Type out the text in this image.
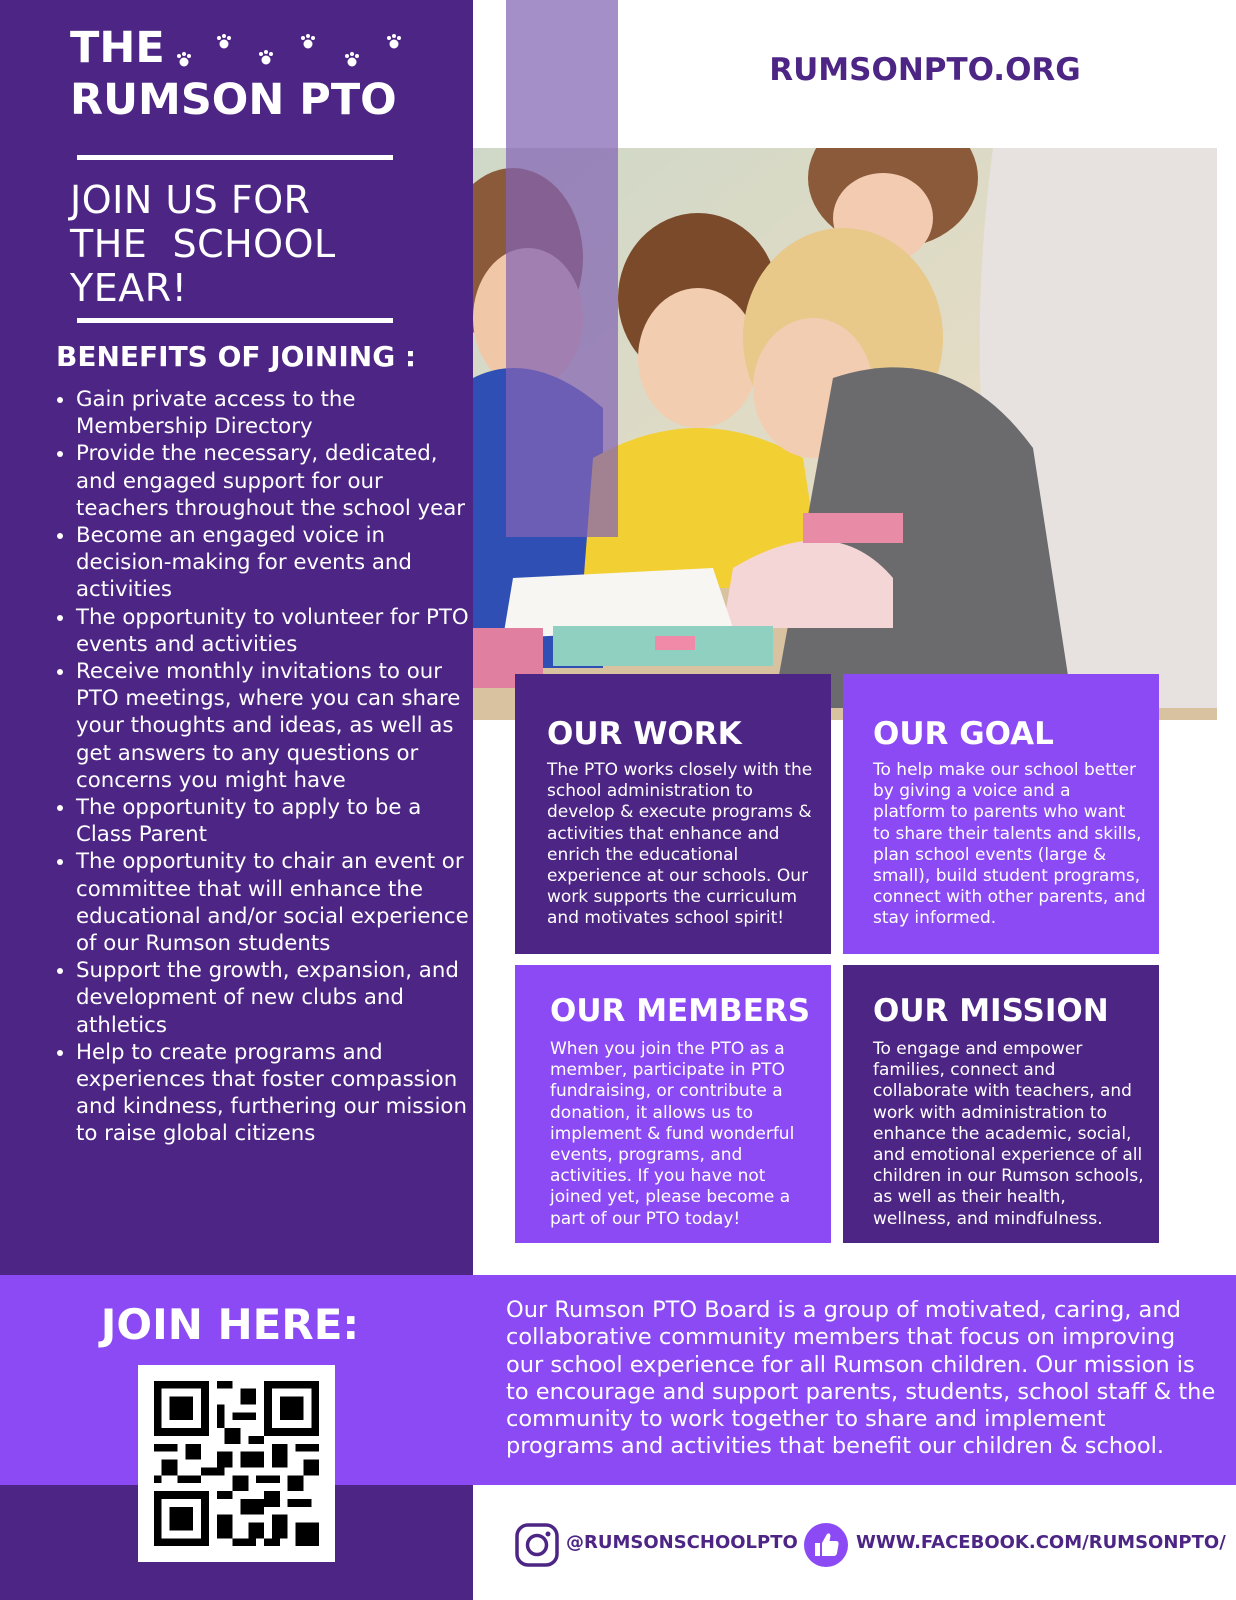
THE
RUMSON PTO
JOIN US FOR
THE  SCHOOL
YEAR!
BENEFITS OF JOINING :
• Gain private access to the Membership Directory
• Provide the necessary, dedicated, and engaged support for our teachers throughout the school year
• Become an engaged voice in decision-making for events and activities
• The opportunity to volunteer for PTO events and activities
• Receive monthly invitations to our PTO meetings, where you can share your thoughts and ideas, as well as get answers to any questions or concerns you might have
• The opportunity to apply to be a Class Parent
• The opportunity to chair an event or committee that will enhance the educational and/or social experience of our Rumson students
• Support the growth, expansion, and development of new clubs and athletics
• Help to create programs and experiences that foster compassion and kindness, furthering our mission to raise global citizens
RUMSONPTO.ORG
OUR WORK

The PTO works closely with the school administration to develop & execute programs & activities that enhance and enrich the educational experience at our schools. Our work supports the curriculum and motivates school spirit!

OUR GOAL

To help make our school better by giving a voice and a platform to parents who want to share their talents and skills, plan school events (large & small), build student programs, connect with other parents, and stay informed.

OUR MEMBERS

When you join the PTO as a member, participate in PTO fundraising, or contribute a donation, it allows us to implement & fund wonderful events, programs, and activities. If you have not joined yet, please become a part of our PTO today!

OUR MISSION

To engage and empower families, connect and collaborate with teachers, and work with administration to enhance the academic, social, and emotional experience of all children in our Rumson schools, as well as their health, wellness, and mindfulness.

JOIN HERE:	Our Rumson PTO Board is a group of motivated, caring, and collaborative community members that focus on improving our school experience for all Rumson children. Our mission is to encourage and support parents, students, school staff & the community to work together to share and implement programs and activities that benefit our children & school.
@RUMSONSCHOOLPTO	WWW.FACEBOOK.COM/RUMSONPTO/
